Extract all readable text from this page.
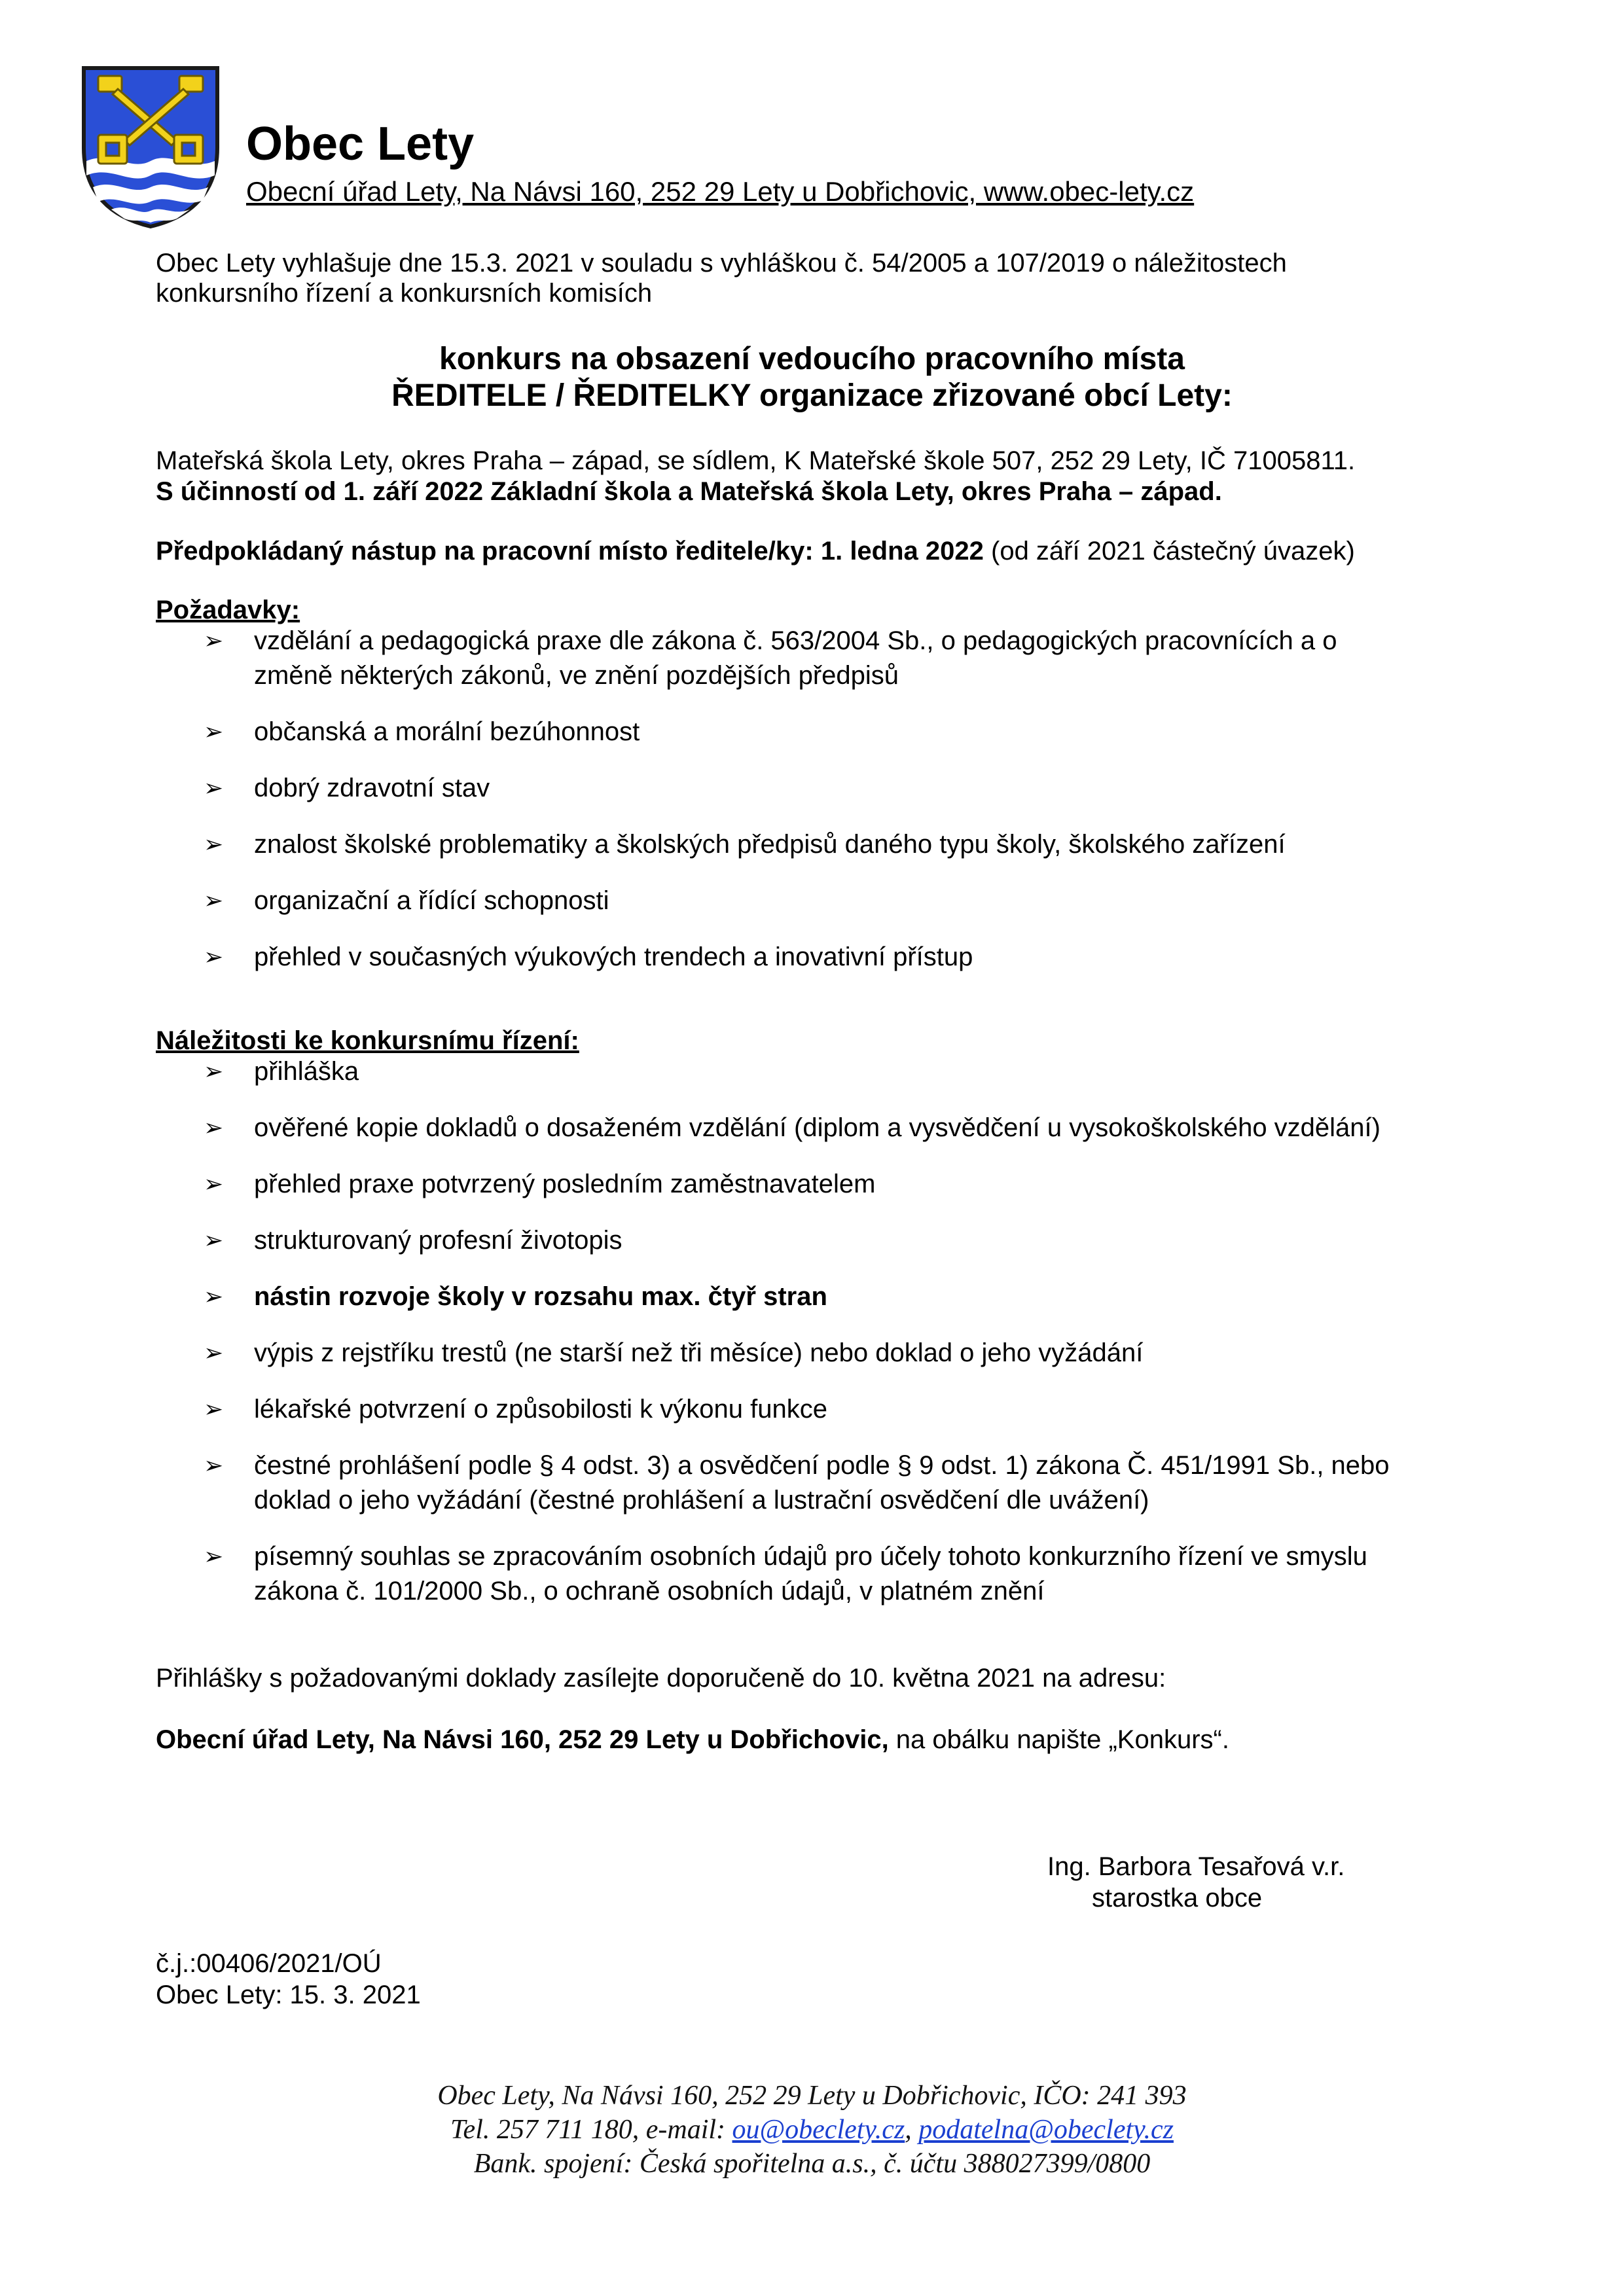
Obec Lety
Obecní úřad Lety, Na Návsi 160, 252 29 Lety u Dobřichovic, www.obec-lety.cz
Obec Lety vyhlašuje dne 15.3. 2021 v souladu s vyhláškou č. 54/2005 a 107/2019 o náležitostech
konkursního řízení a konkursních komisích
konkurs na obsazení vedoucího pracovního místa
ŘEDITELE / ŘEDITELKY organizace zřizované obcí Lety:
Mateřská škola Lety, okres Praha – západ, se sídlem, K Mateřské škole 507, 252 29 Lety, IČ 71005811.
S účinností od 1. září 2022 Základní škola a Mateřská škola Lety, okres Praha – západ.
Předpokládaný nástup na pracovní místo ředitele/ky: 1. ledna 2022 (od září 2021 částečný úvazek)
Požadavky:
➢ vzdělání a pedagogická praxe dle zákona č. 563/2004 Sb., o pedagogických pracovnících a o
změně některých zákonů, ve znění pozdějších předpisů
➢ občanská a morální bezúhonnost
➢ dobrý zdravotní stav
➢ znalost školské problematiky a školských předpisů daného typu školy, školského zařízení
➢ organizační a řídící schopnosti
➢ přehled v současných výukových trendech a inovativní přístup
Náležitosti ke konkursnímu řízení:
➢ přihláška
➢ ověřené kopie dokladů o dosaženém vzdělání (diplom a vysvědčení u vysokoškolského vzdělání)
➢ přehled praxe potvrzený posledním zaměstnavatelem
➢ strukturovaný profesní životopis
➢ nástin rozvoje školy v rozsahu max. čtyř stran
➢ výpis z rejstříku trestů (ne starší než tři měsíce) nebo doklad o jeho vyžádání
➢ lékařské potvrzení o způsobilosti k výkonu funkce
➢ čestné prohlášení podle § 4 odst. 3) a osvědčení podle § 9 odst. 1) zákona Č. 451/1991 Sb., nebo
doklad o jeho vyžádání (čestné prohlášení a lustrační osvědčení dle uvážení)
➢ písemný souhlas se zpracováním osobních údajů pro účely tohoto konkurzního řízení ve smyslu
zákona č. 101/2000 Sb., o ochraně osobních údajů, v platném znění
Přihlášky s požadovanými doklady zasílejte doporučeně do 10. května 2021 na adresu:
Obecní úřad Lety, Na Návsi 160, 252 29 Lety u Dobřichovic, na obálku napište „Konkurs“.
Ing. Barbora Tesařová v.r.
starostka obce
č.j.:00406/2021/OÚ
Obec Lety: 15. 3. 2021
Obec Lety, Na Návsi 160, 252 29 Lety u Dobřichovic, IČO: 241 393
Tel. 257 711 180, e-mail: ou@obeclety.cz, podatelna@obeclety.cz
Bank. spojení: Česká spořitelna a.s., č. účtu 388027399/0800
